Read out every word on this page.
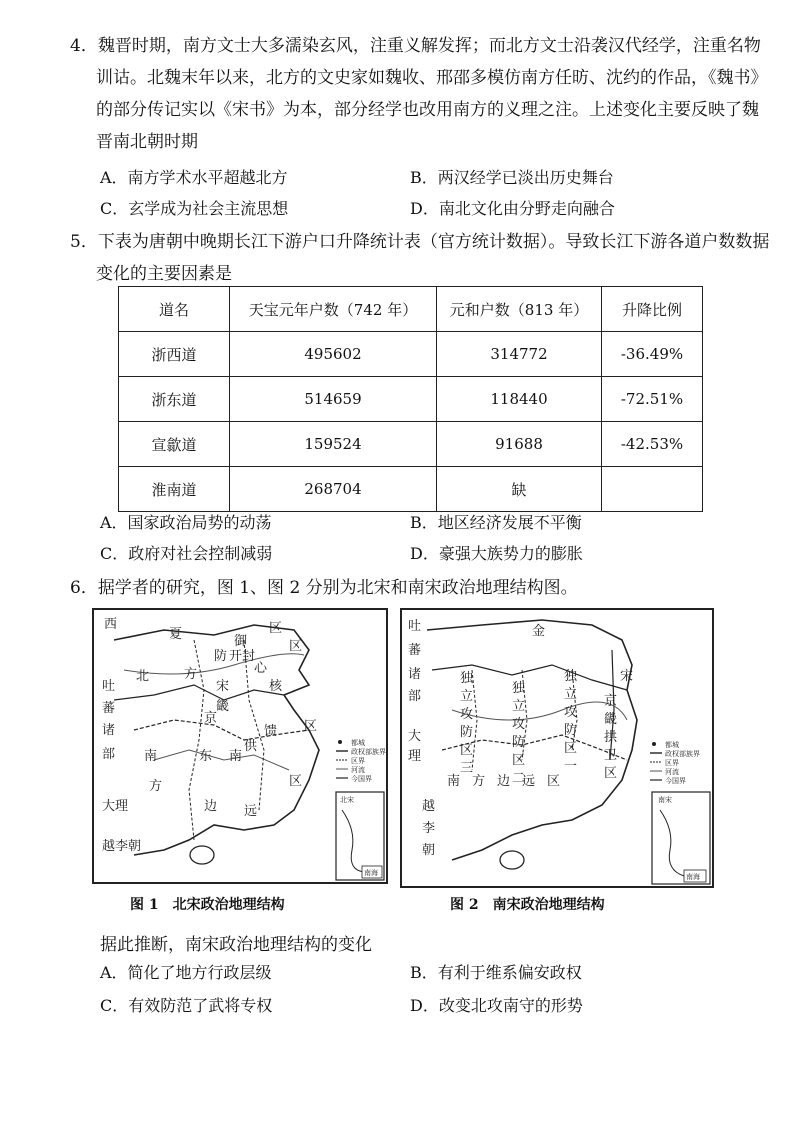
4．魏晋时期，南方文士大多濡染玄风，注重义解发挥；而北方文士沿袭汉代经学，注重名物
训诂。北魏末年以来，北方的文史家如魏收、邢邵多模仿南方任昉、沈约的作品，《魏书》
的部分传记实以《宋书》为本，部分经学也改用南方的义理之注。上述变化主要反映了魏
晋南北朝时期
A．南方学术水平超越北方	B．两汉经学已淡出历史舞台
C．玄学成为社会主流思想	D．南北文化由分野走向融合
5．下表为唐朝中晚期长江下游户口升降统计表（官方统计数据）。导致长江下游各道户数数据
变化的主要因素是
道名	天宝元年户数（742 年）	元和户数（813 年）	升降比例
浙西道	495602	314772	-36.49%
浙东道	514659	118440	-72.51%
宣歙道	159524	91688	-42.53%
淮南道	268704	缺	
A．国家政治局势的动荡	B．地区经济发展不平衡
C．政府对社会控制减弱	D．豪强大族势力的膨胀
6．据学者的研究，图 1、图 2 分别为北宋和南宋政治地理结构图。
西
夏	御
区
区
防
北	方	心
开封
核
宋
畿
京
吐
蕃
诸
部 南	东 南
供
馈 区
方	区
大理	边 远
越李朝
都城
政权部族界
区界
河流
今国界
北宋
南海
吐
蕃
诸
部
金
独
立
攻
防
区
三
独
立
攻
防
区
二
独
立
攻
防
区
一
宋
京
畿
拱
卫
区
大
理
南 方 边 远 区
越
李
朝
都城
政权部族界
区界
河流
今国界
南宋
南海
图 1　北宋政治地理结构	图 2　南宋政治地理结构
据此推断，南宋政治地理结构的变化
A．简化了地方行政层级	B．有利于维系偏安政权
C．有效防范了武将专权	D．改变北攻南守的形势
